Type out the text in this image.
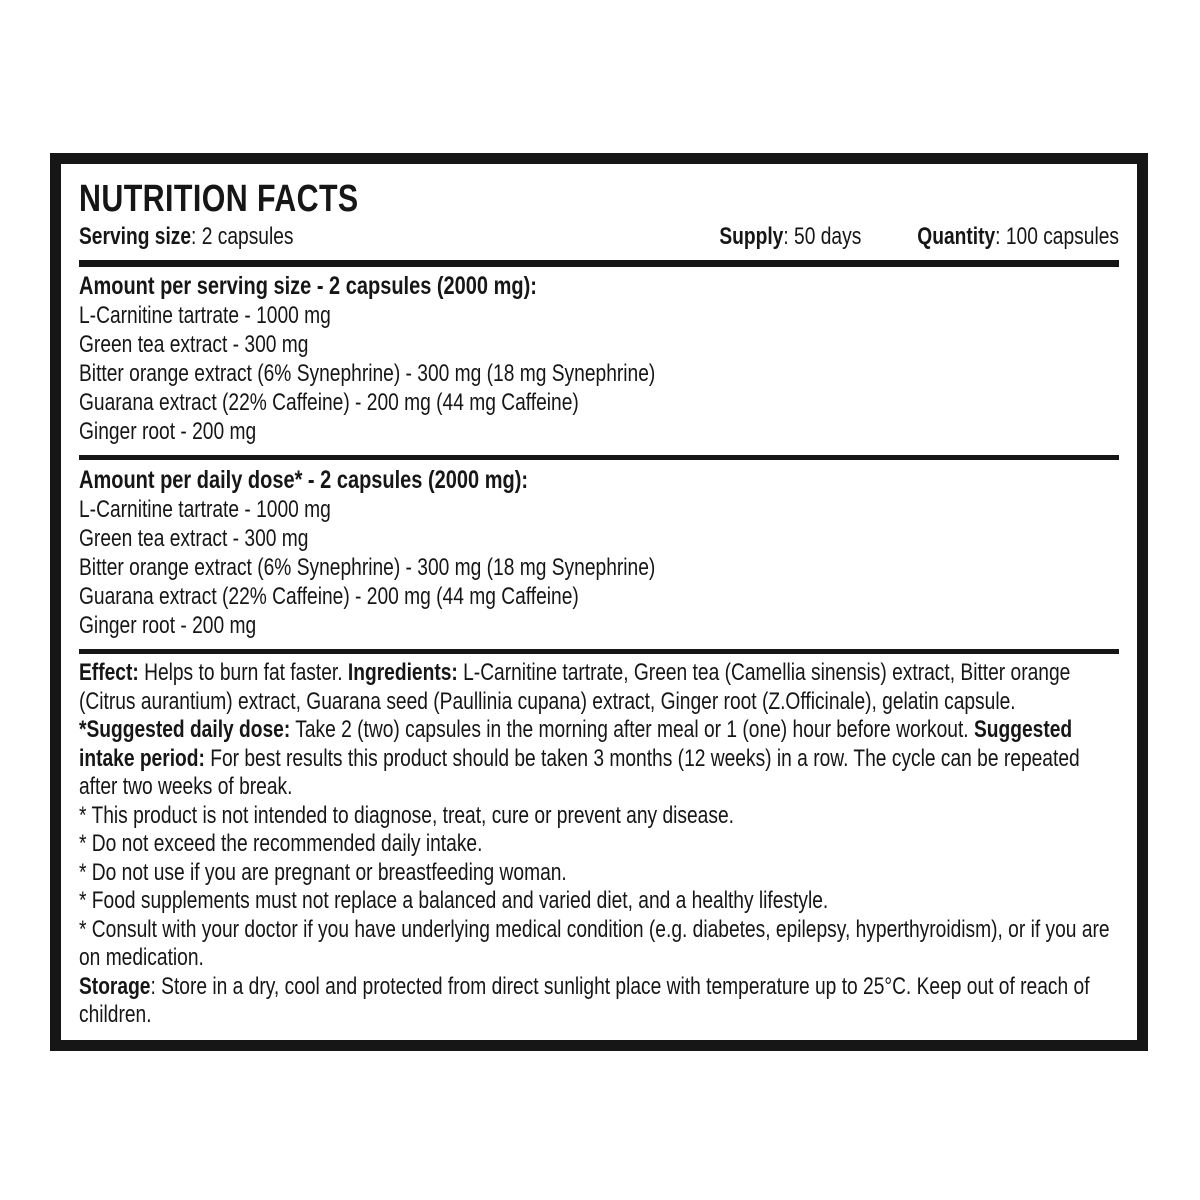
NUTRITION FACTS
Serving size: 2 capsules	Supply: 50 days Quantity: 100 capsules
Amount per serving size - 2 capsules (2000 mg):
L-Carnitine tartrate - 1000 mg
Green tea extract - 300 mg
Bitter orange extract (6% Synephrine) - 300 mg (18 mg Synephrine)
Guarana extract (22% Caffeine) - 200 mg (44 mg Caffeine)
Ginger root - 200 mg
Amount per daily dose* - 2 capsules (2000 mg):
L-Carnitine tartrate - 1000 mg
Green tea extract - 300 mg
Bitter orange extract (6% Synephrine) - 300 mg (18 mg Synephrine)
Guarana extract (22% Caffeine) - 200 mg (44 mg Caffeine)
Ginger root - 200 mg

Effect: Helps to burn fat faster. Ingredients: L-Carnitine tartrate, Green tea (Camellia sinensis) extract, Bitter orange (Citrus aurantium) extract, Guarana seed (Paullinia cupana) extract, Ginger root (Z.Officinale), gelatin capsule. *Suggested daily dose: Take 2 (two) capsules in the morning after meal or 1 (one) hour before workout. Suggested intake period: For best results this product should be taken 3 months (12 weeks) in a row. The cycle can be repeated after two weeks of break.

* This product is not intended to diagnose, treat, cure or prevent any disease.
* Do not exceed the recommended daily intake.
* Do not use if you are pregnant or breastfeeding woman.
* Food supplements must not replace a balanced and varied diet, and a healthy lifestyle.
* Consult with your doctor if you have underlying medical condition (e.g. diabetes, epilepsy, hyperthyroidism), or if you are on medication.

Storage: Store in a dry, cool and protected from direct sunlight place with temperature up to 25°C. Keep out of reach of children.
